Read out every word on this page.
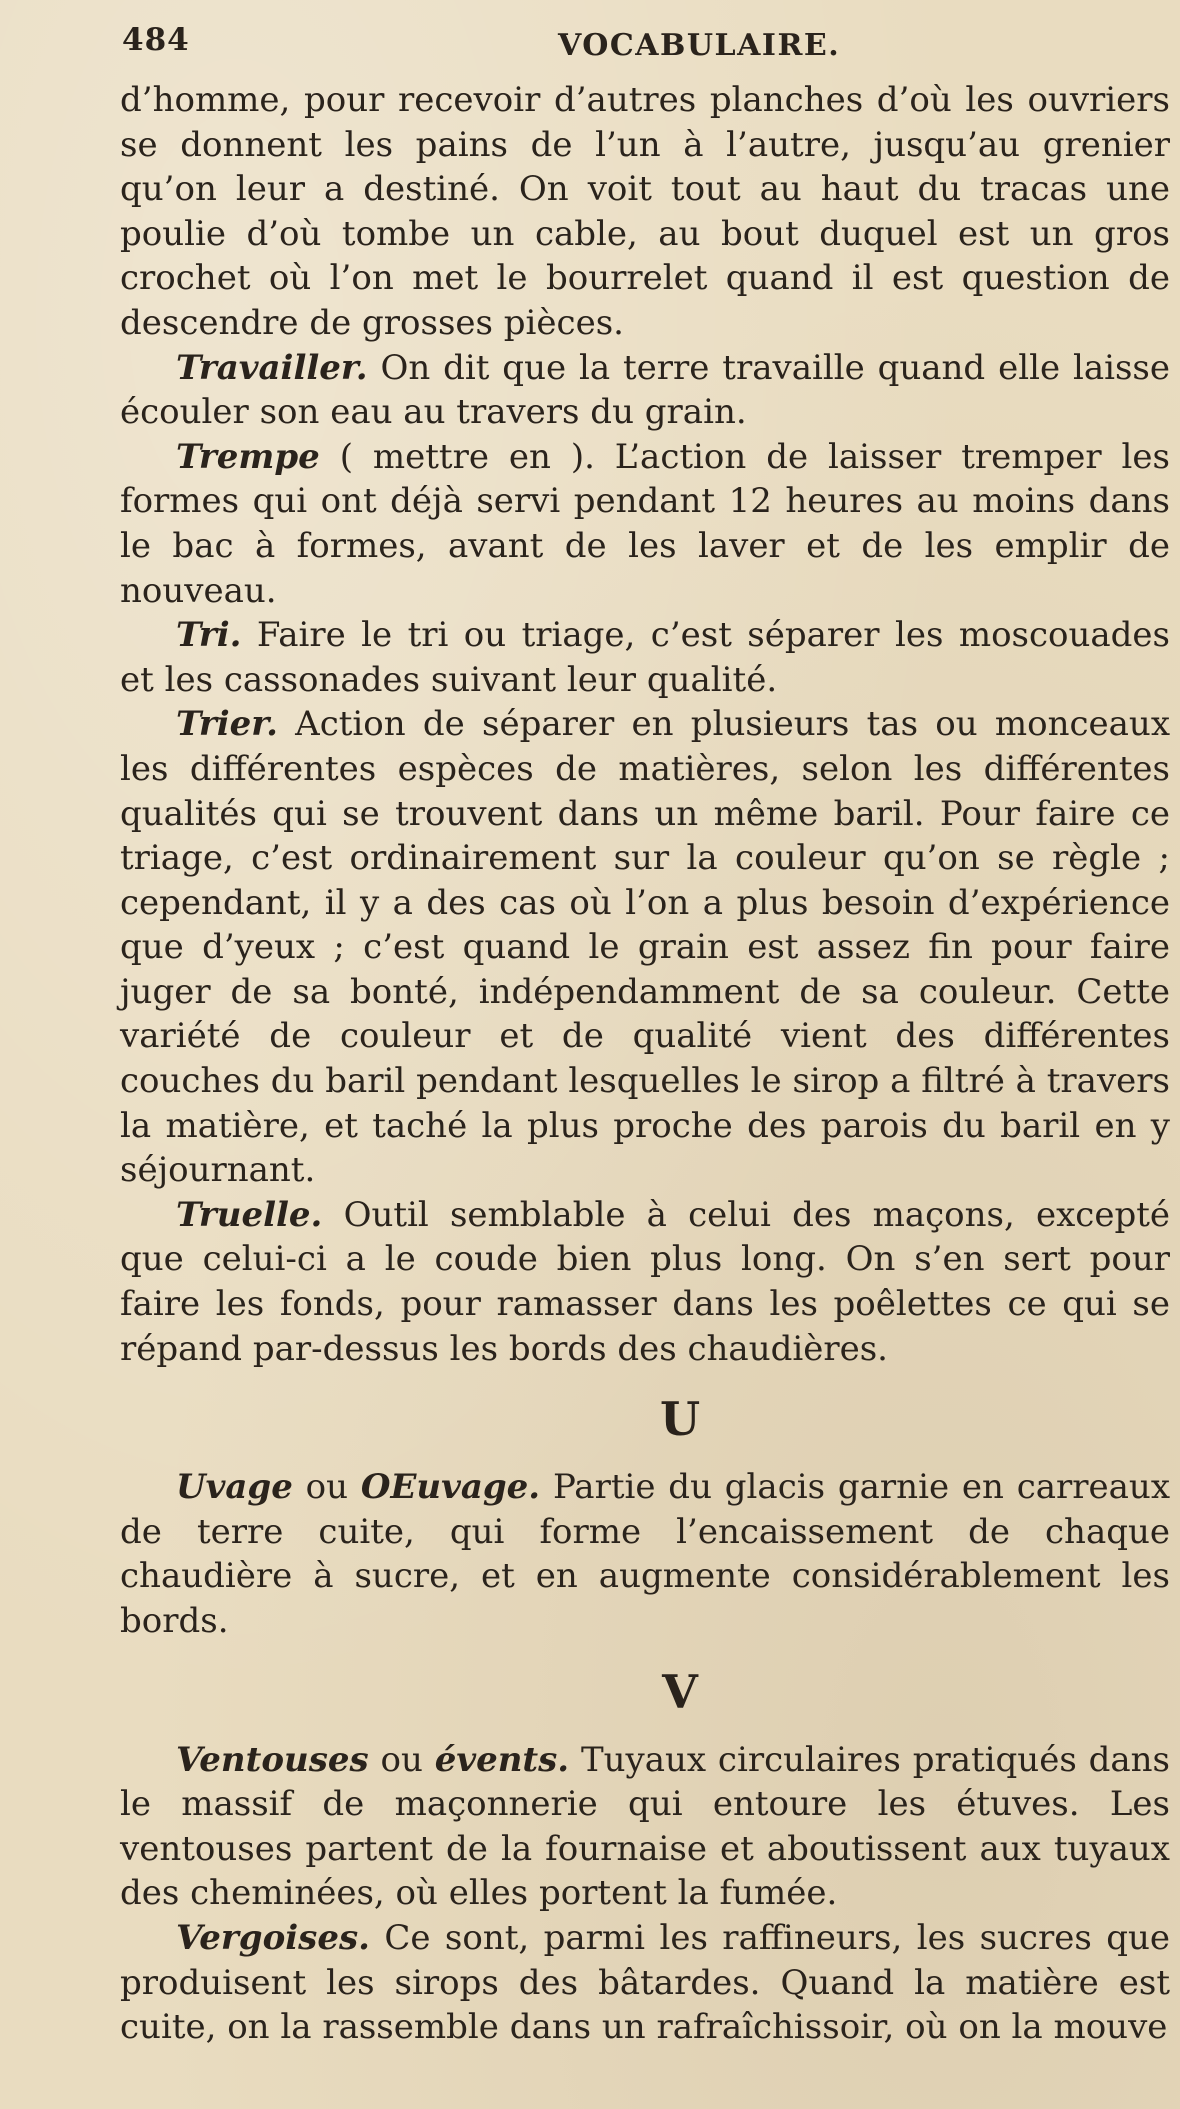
484	VOCABULAIRE.

d’homme, pour recevoir d’autres planches d’où les ouvriers se donnent les pains de l’un à l’autre, jusqu’au grenier qu’on leur a destiné. On voit tout au haut du tracas une poulie d’où tombe un cable, au bout duquel est un gros crochet où l’on met le bourrelet quand il est question de descendre de grosses pièces.

Travailler. On dit que la terre travaille quand elle laisse écouler son eau au travers du grain.

Trempe ( mettre en ). L’action de laisser tremper les formes qui ont déjà servi pendant 12 heures au moins dans le bac à formes, avant de les laver et de les emplir de nouveau.

Tri. Faire le tri ou triage, c’est séparer les moscouades et les cassonades suivant leur qualité.

Trier. Action de séparer en plusieurs tas ou monceaux les différentes espèces de matières, selon les différentes qualités qui se trouvent dans un même baril. Pour faire ce triage, c’est ordinairement sur la couleur qu’on se règle ; cependant, il y a des cas où l’on a plus besoin d’expérience que d’yeux ; c’est quand le grain est assez fin pour faire juger de sa bonté, indépendamment de sa couleur. Cette variété de couleur et de qualité vient des différentes couches du baril pendant lesquelles le sirop a filtré à travers la matière, et taché la plus proche des parois du baril en y séjournant.

Truelle. Outil semblable à celui des maçons, excepté que celui-ci a le coude bien plus long. On s’en sert pour faire les fonds, pour ramasser dans les poêlettes ce qui se répand par-dessus les bords des chaudières.

U

Uvage ou OEuvage. Partie du glacis garnie en carreaux de terre cuite, qui forme l’encaissement de chaque chaudière à sucre, et en augmente considérablement les bords.

V

Ventouses ou évents. Tuyaux circulaires pratiqués dans le massif de maçonnerie qui entoure les étuves. Les ventouses partent de la fournaise et aboutissent aux tuyaux des cheminées, où elles portent la fumée.

Vergoises. Ce sont, parmi les raffineurs, les sucres que produisent les sirops des bâtardes. Quand la matière est cuite, on la rassemble dans un rafraîchissoir, où on la mouve
